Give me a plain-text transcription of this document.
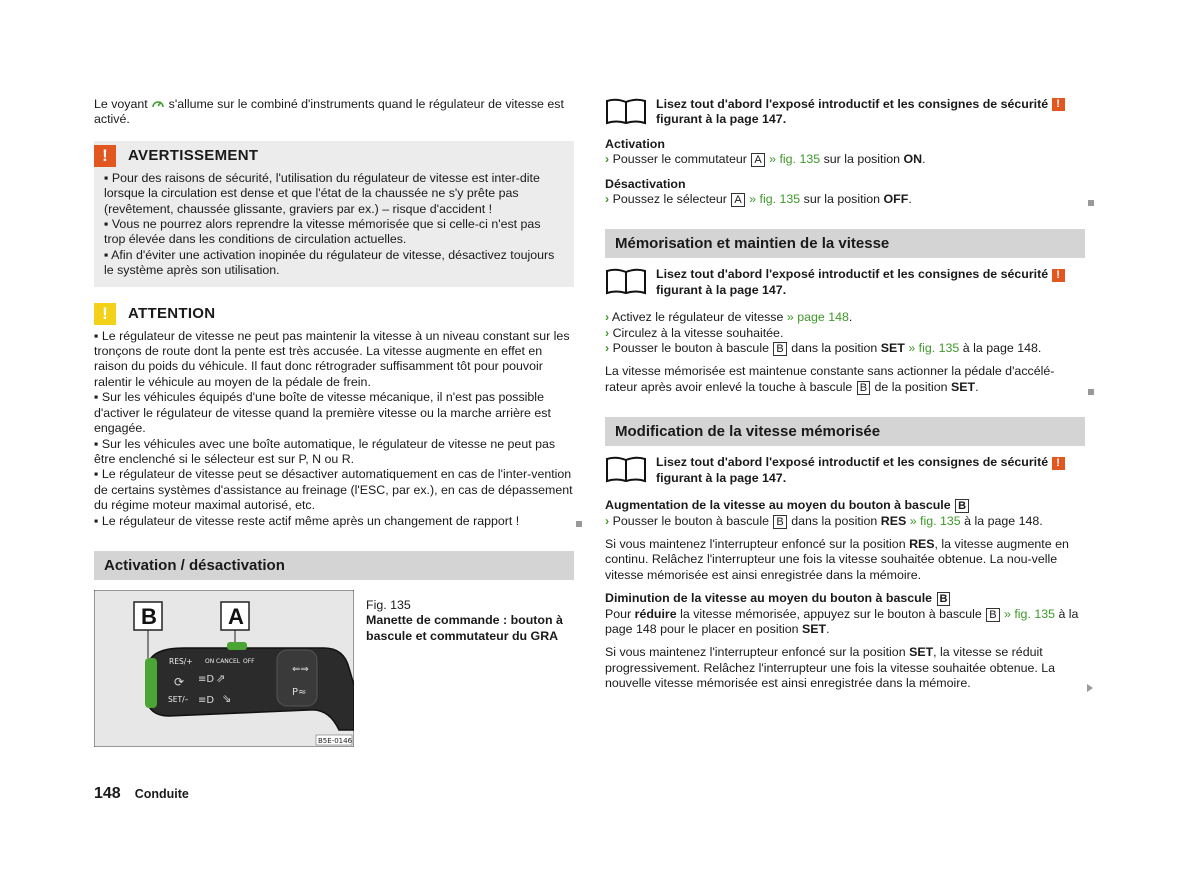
Le voyant s'allume sur le combiné d'instruments quand le régulateur de vitesse est activé.

!	AVERTISSEMENT

▪ Pour des raisons de sécurité, l'utilisation du régulateur de vitesse est inter-dite lorsque la circulation est dense et que l'état de la chaussée ne s'y prête pas (revêtement, chaussée glissante, graviers par ex.) – risque d'accident !

▪ Vous ne pourrez alors reprendre la vitesse mémorisée que si celle-ci n'est pas trop élevée dans les conditions de circulation actuelles.

▪ Afin d'éviter une activation inopinée du régulateur de vitesse, désactivez toujours le système après son utilisation.

!	ATTENTION

▪ Le régulateur de vitesse ne peut pas maintenir la vitesse à un niveau constant sur les tronçons de route dont la pente est très accusée. La vitesse augmente en effet en raison du poids du véhicule. Il faut donc rétrograder suffisamment tôt pour pouvoir ralentir le véhicule au moyen de la pédale de frein.

▪ Sur les véhicules équipés d'une boîte de vitesse mécanique, il n'est pas possible d'activer le régulateur de vitesse quand la première vitesse ou la marche arrière est engagée.

▪ Sur les véhicules avec une boîte automatique, le régulateur de vitesse ne peut pas être enclenché si le sélecteur est sur P, N ou R.

▪ Le régulateur de vitesse peut se désactiver automatiquement en cas de l'inter-vention de certains systèmes d'assistance au freinage (l'ESC, par ex.), en cas de dépassement du régime moteur maximal autorisé, etc.

▪ Le régulateur de vitesse reste actif même après un changement de rapport !

Activation / désactivation
⇐⇒
P≈
⟳ ≡D
≡D
⇗
⇘
B	A
RES/+
SET/–
ON CANCEL OFF
B5E-0146

Fig. 135

Manette de commande : bouton à bascule et commutateur du GRA

148 Conduite
Lisez tout d'abord l'exposé introductif et les consignes de sécurité !
figurant à la page 147.

Activation

› Pousser le commutateur A » fig. 135 sur la position ON.

Désactivation

› Poussez le sélecteur A » fig. 135 sur la position OFF.

Mémorisation et maintien de la vitesse
Lisez tout d'abord l'exposé introductif et les consignes de sécurité !
figurant à la page 147.

› Activez le régulateur de vitesse » page 148.

› Circulez à la vitesse souhaitée.

› Pousser le bouton à bascule B dans la position SET » fig. 135 à la page 148.

La vitesse mémorisée est maintenue constante sans actionner la pédale d'accélé-rateur après avoir enlevé la touche à bascule B de la position SET.

Modification de la vitesse mémorisée
Lisez tout d'abord l'exposé introductif et les consignes de sécurité !
figurant à la page 147.

Augmentation de la vitesse au moyen du bouton à bascule B

› Pousser le bouton à bascule B dans la position RES » fig. 135 à la page 148.

Si vous maintenez l'interrupteur enfoncé sur la position RES, la vitesse augmente en continu. Relâchez l'interrupteur une fois la vitesse souhaitée obtenue. La nou-velle vitesse mémorisée est ainsi enregistrée dans la mémoire.

Diminution de la vitesse au moyen du bouton à bascule B

Pour réduire la vitesse mémorisée, appuyez sur le bouton à bascule B » fig. 135 à la page 148 pour le placer en position SET.

Si vous maintenez l'interrupteur enfoncé sur la position SET, la vitesse se réduit progressivement. Relâchez l'interrupteur une fois la vitesse souhaitée obtenue. La nouvelle vitesse mémorisée est ainsi enregistrée dans la mémoire.
